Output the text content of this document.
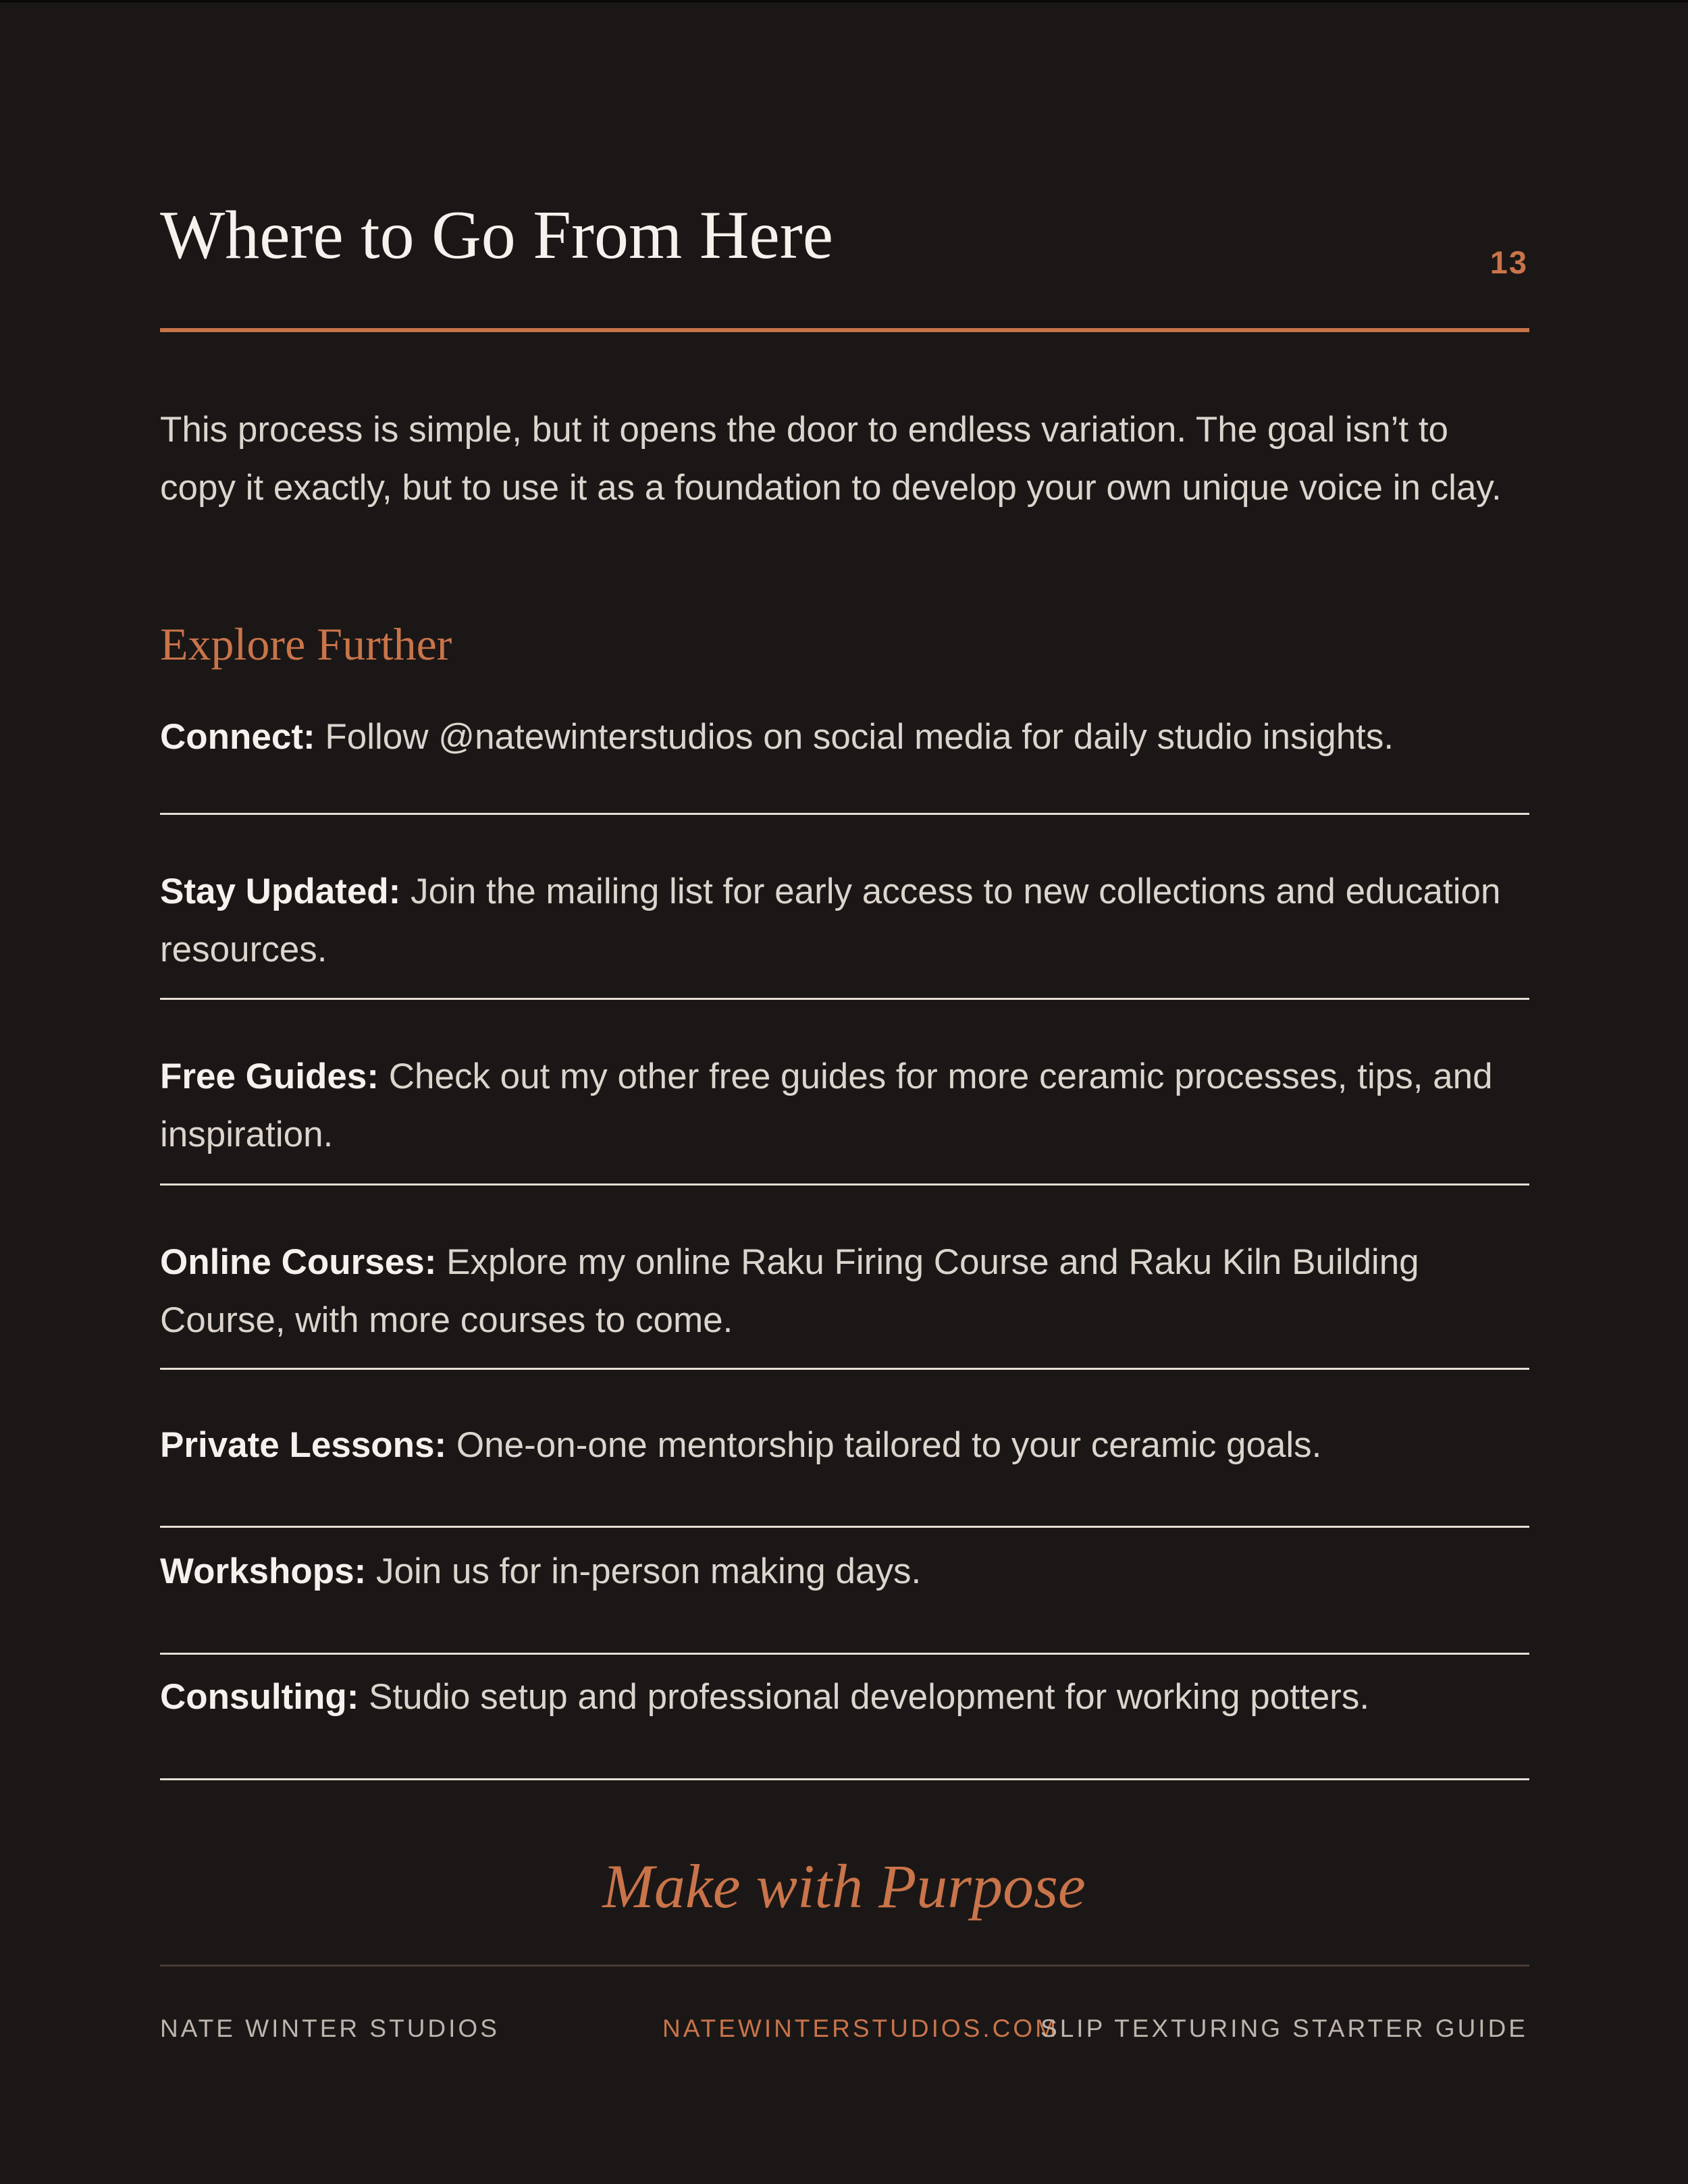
Where to Go From Here	13

This process is simple, but it opens the door to endless variation. The goal isn’t to copy it exactly, but to use it as a foundation to develop your own unique voice in clay.

Explore Further
Connect: Follow @natewinterstudios on social media for daily studio insights.
Stay Updated: Join the mailing list for early access to new collections and education resources.
Free Guides: Check out my other free guides for more ceramic processes, tips, and inspiration.
Online Courses: Explore my online Raku Firing Course and Raku Kiln Building Course, with more courses to come.
Private Lessons: One-on-one mentorship tailored to your ceramic goals.
Workshops: Join us for in-person making days.
Consulting: Studio setup and professional development for working potters.

Make with Purpose

NATE WINTER STUDIOS	NATEWINTERSTUDIOS.COM
SLIP TEXTURING STARTER GUIDE
